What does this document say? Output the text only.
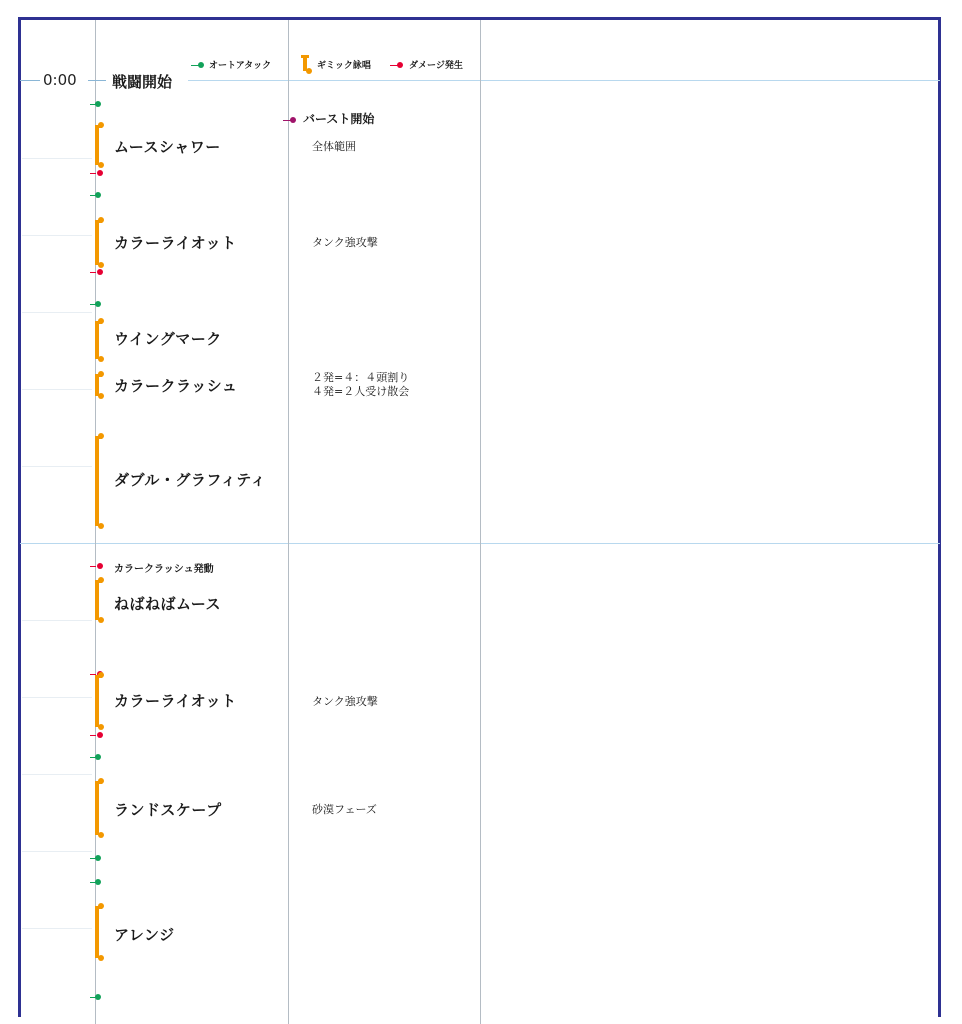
0:00 戦闘開始
オートアタック	ギミック詠唱	ダメージ発生
バースト開始
カラークラッシュ発動
ムースシャワー	全体範囲
カラーライオット	タンク強攻撃
ウイングマーク
カラークラッシュ	２発=４：４頭割り
４発=２人受け散会
ダブル・グラフィティ
ねばねばムース
カラーライオット	タンク強攻撃
ランドスケープ	砂漠フェーズ
アレンジ
